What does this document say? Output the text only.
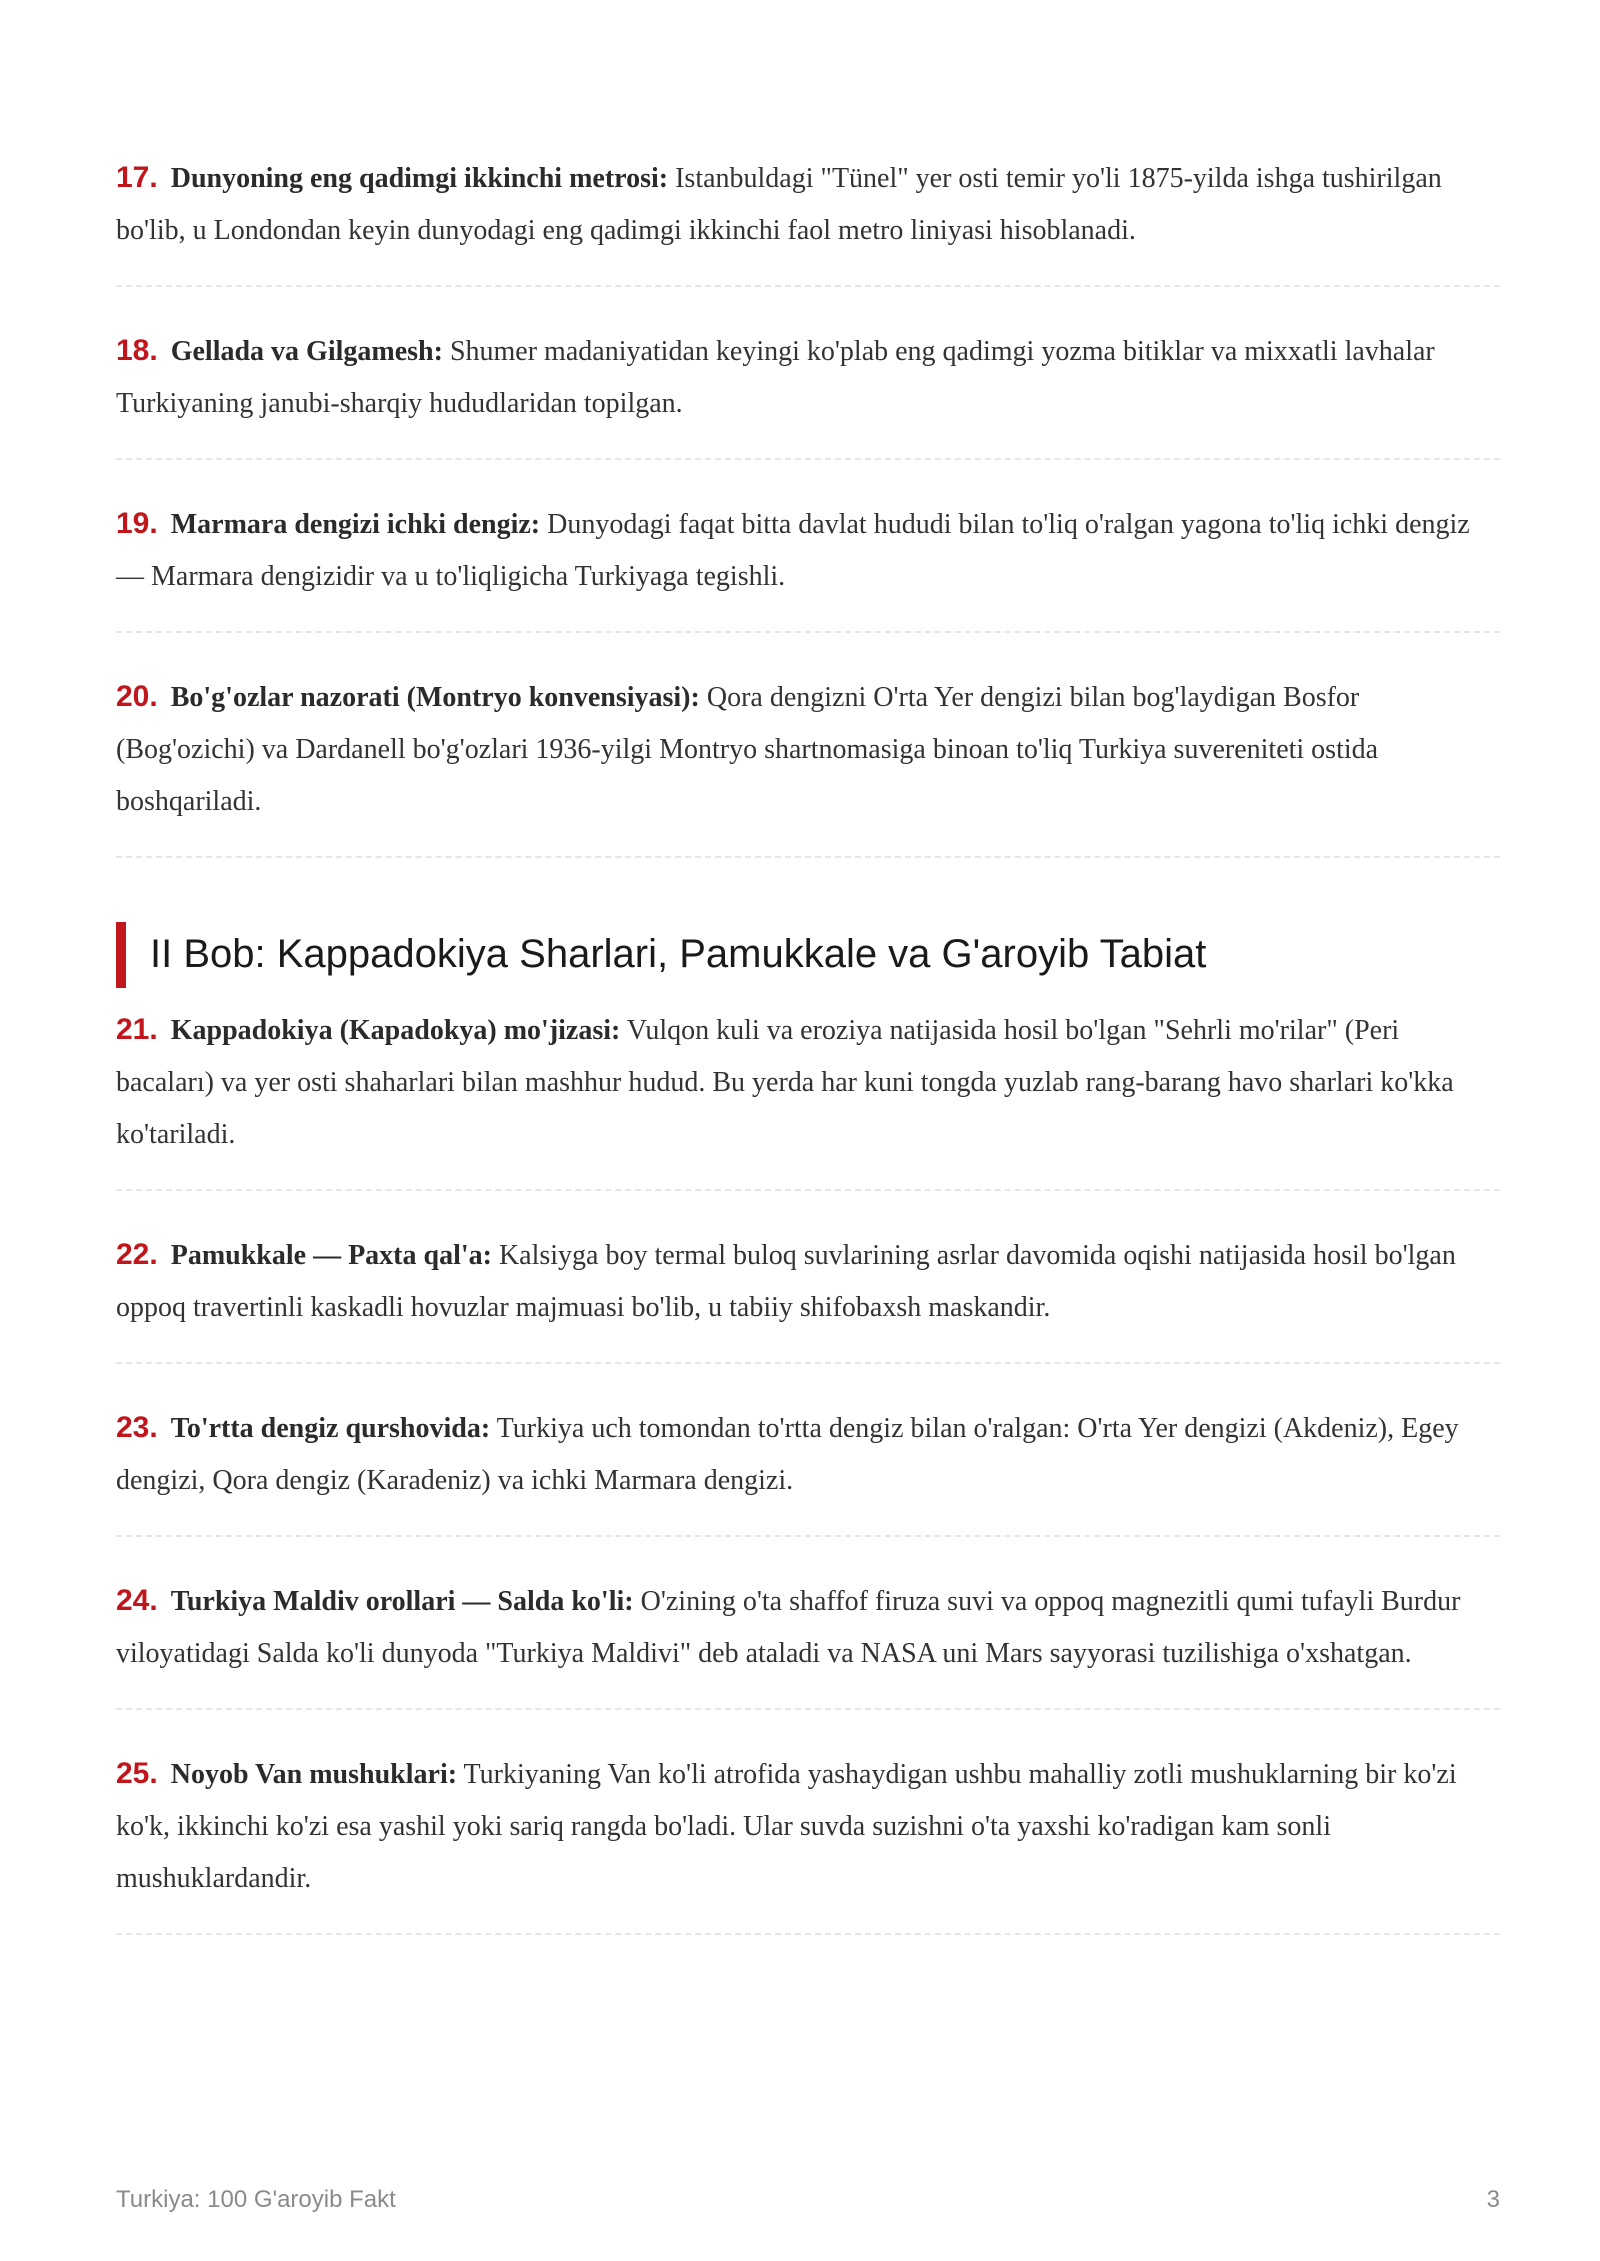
17. Dunyoning eng qadimgi ikkinchi metrosi: Istanbuldagi "Tünel" yer osti temir yo'li 1875-yilda ishga tushirilgan bo'lib, u Londondan keyin dunyodagi eng qadimgi ikkinchi faol metro liniyasi hisoblanadi.
18. Gellada va Gilgamesh: Shumer madaniyatidan keyingi ko'plab eng qadimgi yozma bitiklar va mixxatli lavhalar Turkiyaning janubi-sharqiy hududlaridan topilgan.
19. Marmara dengizi ichki dengiz: Dunyodagi faqat bitta davlat hududi bilan to'liq o'ralgan yagona to'liq ichki dengiz — Marmara dengizidir va u to'liqligicha Turkiyaga tegishli.
20. Bo'g'ozlar nazorati (Montryo konvensiyasi): Qora dengizni O'rta Yer dengizi bilan bog'laydigan Bosfor (Bog'ozichi) va Dardanell bo'g'ozlari 1936-yilgi Montryo shartnomasiga binoan to'liq Turkiya suvereniteti ostida boshqariladi.
II Bob: Kappadokiya Sharlari, Pamukkale va G'aroyib Tabiat
21. Kappadokiya (Kapadokya) mo'jizasi: Vulqon kuli va eroziya natijasida hosil bo'lgan "Sehrli mo'rilar" (Peri bacaları) va yer osti shaharlari bilan mashhur hudud. Bu yerda har kuni tongda yuzlab rang-barang havo sharlari ko'kka ko'tariladi.
22. Pamukkale — Paxta qal'a: Kalsiyga boy termal buloq suvlarining asrlar davomida oqishi natijasida hosil bo'lgan oppoq travertinli kaskadli hovuzlar majmuasi bo'lib, u tabiiy shifobaxsh maskandir.
23. To'rtta dengiz qurshovida: Turkiya uch tomondan to'rtta dengiz bilan o'ralgan: O'rta Yer dengizi (Akdeniz), Egey dengizi, Qora dengiz (Karadeniz) va ichki Marmara dengizi.
24. Turkiya Maldiv orollari — Salda ko'li: O'zining o'ta shaffof firuza suvi va oppoq magnezitli qumi tufayli Burdur viloyatidagi Salda ko'li dunyoda "Turkiya Maldivi" deb ataladi va NASA uni Mars sayyorasi tuzilishiga o'xshatgan.
25. Noyob Van mushuklari: Turkiyaning Van ko'li atrofida yashaydigan ushbu mahalliy zotli mushuklarning bir ko'zi ko'k, ikkinchi ko'zi esa yashil yoki sariq rangda bo'ladi. Ular suvda suzishni o'ta yaxshi ko'radigan kam sonli mushuklardandir.
Turkiya: 100 G'aroyib Fakt	3
